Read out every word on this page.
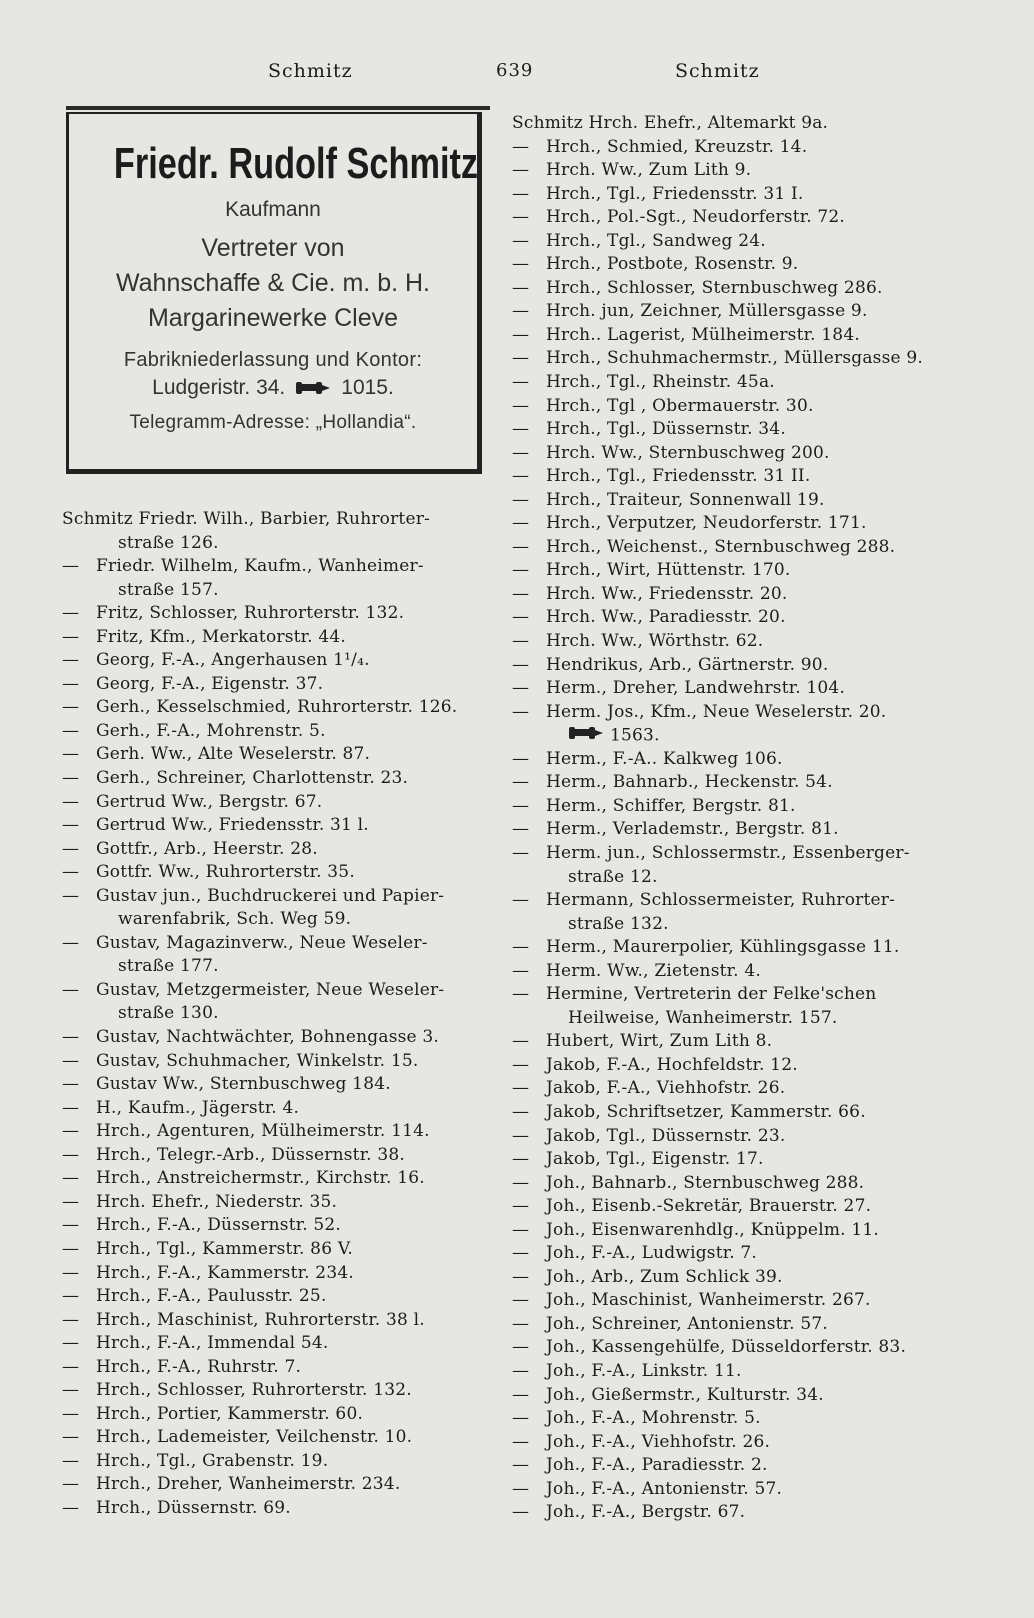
Schmitz	639	Schmitz
Friedr. Rudolf Schmitz
Kaufmann
Vertreter von
Wahnschaffe & Cie. m. b. H.
Margarinewerke Cleve
Fabrikniederlassung und Kontor:
Ludgeristr. 34.	1015.
Telegramm-Adresse: „Hollandia“.
Schmitz Friedr. Wilh., Barbier, Ruhrorter-
straße 126.
— Friedr. Wilhelm, Kaufm., Wanheimer-
straße 157.
— Fritz, Schlosser, Ruhrorterstr. 132.
— Fritz, Kfm., Merkatorstr. 44.
— Georg, F.-A., Angerhausen 1¹/₄.
— Georg, F.-A., Eigenstr. 37.
— Gerh., Kesselschmied, Ruhrorterstr. 126.
— Gerh., F.-A., Mohrenstr. 5.
— Gerh. Ww., Alte Weselerstr. 87.
— Gerh., Schreiner, Charlottenstr. 23.
— Gertrud Ww., Bergstr. 67.
— Gertrud Ww., Friedensstr. 31 l.
— Gottfr., Arb., Heerstr. 28.
— Gottfr. Ww., Ruhrorterstr. 35.
— Gustav jun., Buchdruckerei und Papier-
warenfabrik, Sch. Weg 59.
— Gustav, Magazinverw., Neue Weseler-
straße 177.
— Gustav, Metzgermeister, Neue Weseler-
straße 130.
— Gustav, Nachtwächter, Bohnengasse 3.
— Gustav, Schuhmacher, Winkelstr. 15.
— Gustav Ww., Sternbuschweg 184.
— H., Kaufm., Jägerstr. 4.
— Hrch., Agenturen, Mülheimerstr. 114.
— Hrch., Telegr.-Arb., Düssernstr. 38.
— Hrch., Anstreichermstr., Kirchstr. 16.
— Hrch. Ehefr., Niederstr. 35.
— Hrch., F.-A., Düssernstr. 52.
— Hrch., Tgl., Kammerstr. 86 V.
— Hrch., F.-A., Kammerstr. 234.
— Hrch., F.-A., Paulusstr. 25.
— Hrch., Maschinist, Ruhrorterstr. 38 l.
— Hrch., F.-A., Immendal 54.
— Hrch., F.-A., Ruhrstr. 7.
— Hrch., Schlosser, Ruhrorterstr. 132.
— Hrch., Portier, Kammerstr. 60.
— Hrch., Lademeister, Veilchenstr. 10.
— Hrch., Tgl., Grabenstr. 19.
— Hrch., Dreher, Wanheimerstr. 234.
— Hrch., Düssernstr. 69.
Schmitz Hrch. Ehefr., Altemarkt 9a.
— Hrch., Schmied, Kreuzstr. 14.
— Hrch. Ww., Zum Lith 9.
— Hrch., Tgl., Friedensstr. 31 I.
— Hrch., Pol.-Sgt., Neudorferstr. 72.
— Hrch., Tgl., Sandweg 24.
— Hrch., Postbote, Rosenstr. 9.
— Hrch., Schlosser, Sternbuschweg 286.
— Hrch. jun, Zeichner, Müllersgasse 9.
— Hrch.. Lagerist, Mülheimerstr. 184.
— Hrch., Schuhmachermstr., Müllersgasse 9.
— Hrch., Tgl., Rheinstr. 45a.
— Hrch., Tgl , Obermauerstr. 30.
— Hrch., Tgl., Düssernstr. 34.
— Hrch. Ww., Sternbuschweg 200.
— Hrch., Tgl., Friedensstr. 31 II.
— Hrch., Traiteur, Sonnenwall 19.
— Hrch., Verputzer, Neudorferstr. 171.
— Hrch., Weichenst., Sternbuschweg 288.
— Hrch., Wirt, Hüttenstr. 170.
— Hrch. Ww., Friedensstr. 20.
— Hrch. Ww., Paradiesstr. 20.
— Hrch. Ww., Wörthstr. 62.
— Hendrikus, Arb., Gärtnerstr. 90.
— Herm., Dreher, Landwehrstr. 104.
— Herm. Jos., Kfm., Neue Weselerstr. 20.
1563.
— Herm., F.-A.. Kalkweg 106.
— Herm., Bahnarb., Heckenstr. 54.
— Herm., Schiffer, Bergstr. 81.
— Herm., Verlademstr., Bergstr. 81.
— Herm. jun., Schlossermstr., Essenberger-
straße 12.
— Hermann, Schlossermeister, Ruhrorter-
straße 132.
— Herm., Maurerpolier, Kühlingsgasse 11.
— Herm. Ww., Zietenstr. 4.
— Hermine, Vertreterin der Felke'schen
Heilweise, Wanheimerstr. 157.
— Hubert, Wirt, Zum Lith 8.
— Jakob, F.-A., Hochfeldstr. 12.
— Jakob, F.-A., Viehhofstr. 26.
— Jakob, Schriftsetzer, Kammerstr. 66.
— Jakob, Tgl., Düssernstr. 23.
— Jakob, Tgl., Eigenstr. 17.
— Joh., Bahnarb., Sternbuschweg 288.
— Joh., Eisenb.-Sekretär, Brauerstr. 27.
— Joh., Eisenwarenhdlg., Knüppelm. 11.
— Joh., F.-A., Ludwigstr. 7.
— Joh., Arb., Zum Schlick 39.
— Joh., Maschinist, Wanheimerstr. 267.
— Joh., Schreiner, Antonienstr. 57.
— Joh., Kassengehülfe, Düsseldorferstr. 83.
— Joh., F.-A., Linkstr. 11.
— Joh., Gießermstr., Kulturstr. 34.
— Joh., F.-A., Mohrenstr. 5.
— Joh., F.-A., Viehhofstr. 26.
— Joh., F.-A., Paradiesstr. 2.
— Joh., F.-A., Antonienstr. 57.
— Joh., F.-A., Bergstr. 67.
